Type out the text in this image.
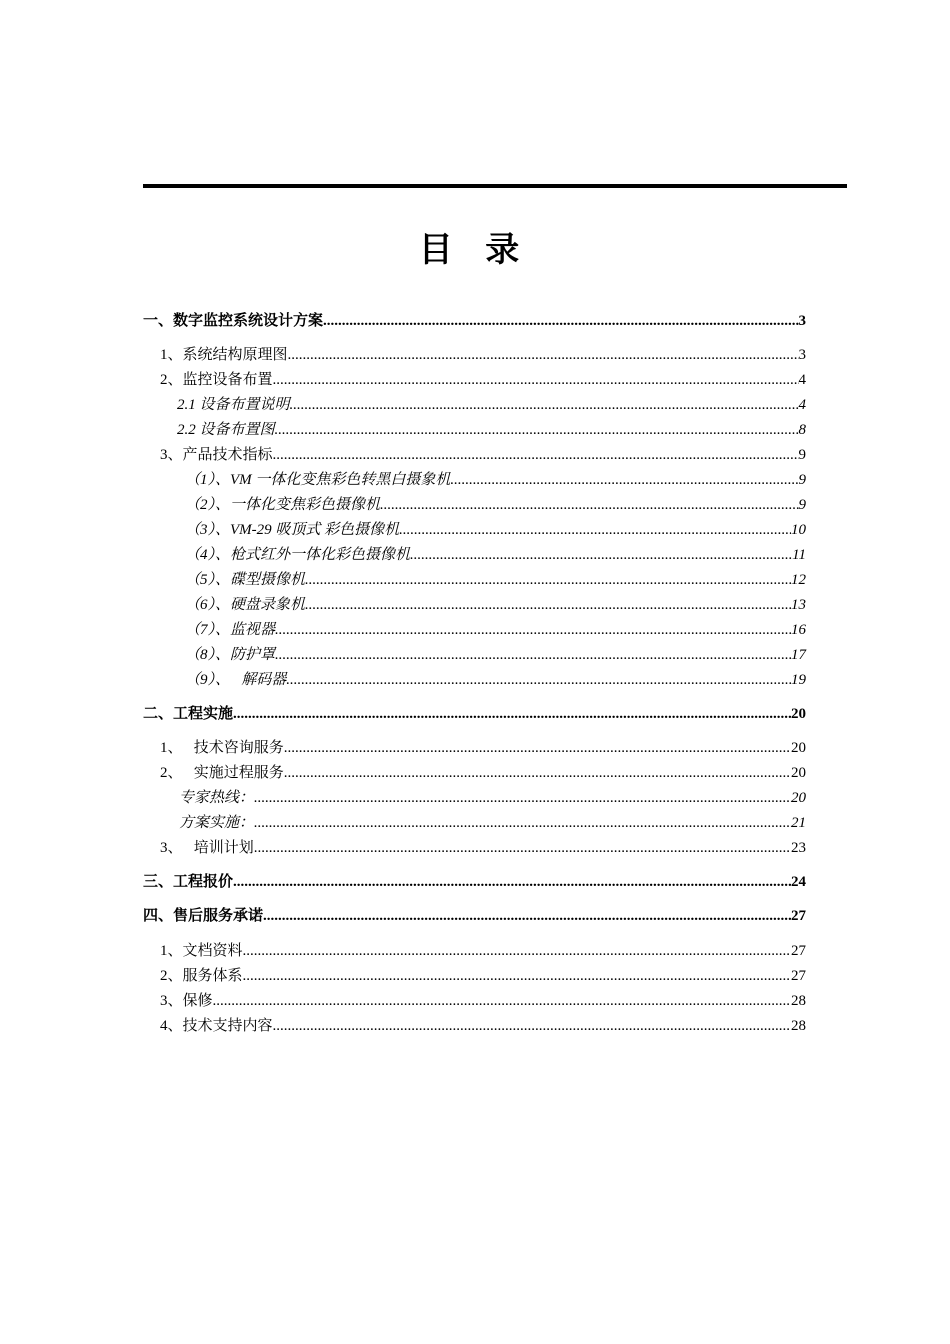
目 录
一、数字监控系统设计方案 .....	3
1、系统结构原理图 .....	3
2、监控设备布置 .....	4
2.1 设备布置说明 .....	4
2.2 设备布置图 .....	8
3、产品技术指标 .....	9
（1）、VM 一体化变焦彩色转黑白摄象机 .....	9
（2）、一体化变焦彩色摄像机 .....	9
（3）、VM-29 吸顶式 彩色摄像机 .....	10
（4）、枪式红外一体化彩色摄像机 .....	11
（5）、碟型摄像机 .....	12
（6）、硬盘录象机 .....	13
（7）、监视器 .....	16
（8）、防护罩 .....	17
（9）、   解码器 .....	19
二、工程实施 .....	20
1、   技术咨询服务 .....	20
2、   实施过程服务 .....	20
专家热线： .....	20
方案实施： .....	21
3、   培训计划 .....	23
三、工程报价 .....	24
四、售后服务承诺 .....	27
1、文档资料 .....	27
2、服务体系 .....	27
3、保修 .....	28
4、技术支持内容 .....	28
